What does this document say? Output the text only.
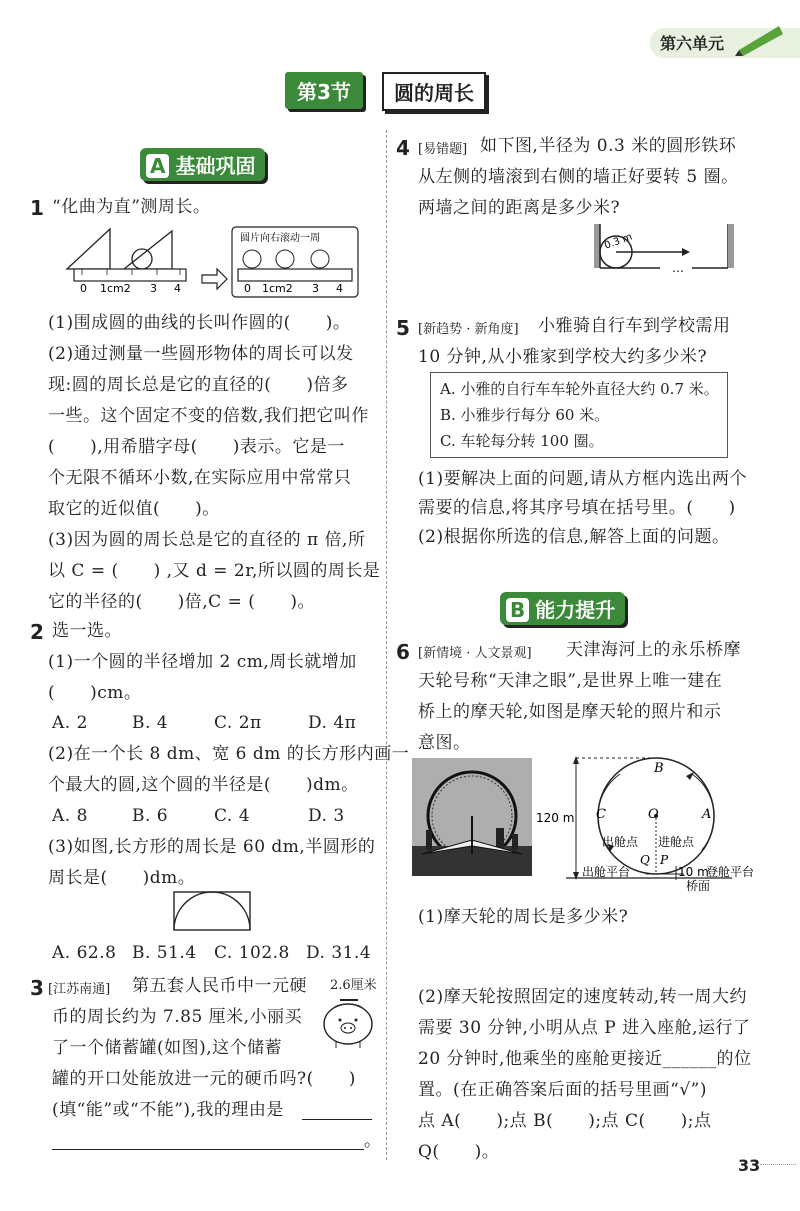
第六单元
第3节	圆的周长
A 基础巩固
1 “化曲为直”测周长。
0 1cm2 3 4
圆片向右滚动一周
0 1cm2 3 4
(1)围成圆的曲线的长叫作圆的(　　)。
(2)通过测量一些圆形物体的周长可以发
现:圆的周长总是它的直径的(　　)倍多
一些。这个固定不变的倍数,我们把它叫作
(　　),用希腊字母(　　)表示。它是一
个无限不循环小数,在实际应用中常常只
取它的近似值(　　)。
(3)因为圆的周长总是它的直径的 π 倍,所
以 C = (　　) ,又 d = 2r,所以圆的周长是
它的半径的(　　)倍,C = (　　)。
2 选一选。
(1)一个圆的半径增加 2 cm,周长就增加
(　　)cm。
A. 2	B. 4	C. 2π	D. 4π
(2)在一个长 8 dm、宽 6 dm 的长方形内画一
个最大的圆,这个圆的半径是(　　)dm。
A. 8	B. 6	C. 4	D. 3
(3)如图,长方形的周长是 60 dm,半圆形的
周长是(　　)dm。
A. 62.8 B. 51.4 C. 102.8 D. 31.4
3 [江苏南通] 第五套人民币中一元硬
币的周长约为 7.85 厘米,小丽买
了一个储蓄罐(如图),这个储蓄
罐的开口处能放进一元的硬币吗?(　　)
(填“能”或“不能”),我的理由是
。
2.6厘米
4 [易错题] 如下图,半径为 0.3 米的圆形铁环
从左侧的墙滚到右侧的墙正好要转 5 圈。
两墙之间的距离是多少米?
…
0.3 m
5 [新趋势 · 新角度] 小雅骑自行车到学校需用
10 分钟,从小雅家到学校大约多少米?
A. 小雅的自行车车轮外直径大约 0.7 米。
B. 小雅步行每分 60 米。
C. 车轮每分转 100 圈。
(1)要解决上面的问题,请从方框内选出两个
需要的信息,将其序号填在括号里。(　　)
(2)根据你所选的信息,解答上面的问题。
B 能力提升
6 [新情境 · 人文景观] 天津海河上的永乐桥摩
天轮号称“天津之眼”,是世界上唯一建在
桥上的摩天轮,如图是摩天轮的照片和示
意图。
B
O
C	A
Q P
120 m
出舱点 进舱点
出舱平台	10 m
登舱平台
桥面
(1)摩天轮的周长是多少米?
(2)摩天轮按照固定的速度转动,转一周大约
需要 30 分钟,小明从点 P 进入座舱,运行了
20 分钟时,他乘坐的座舱更接近______的位
置。(在正确答案后面的括号里画“√”)
点 A(　　);点 B(　　);点 C(　　);点
Q(　　)。
33
